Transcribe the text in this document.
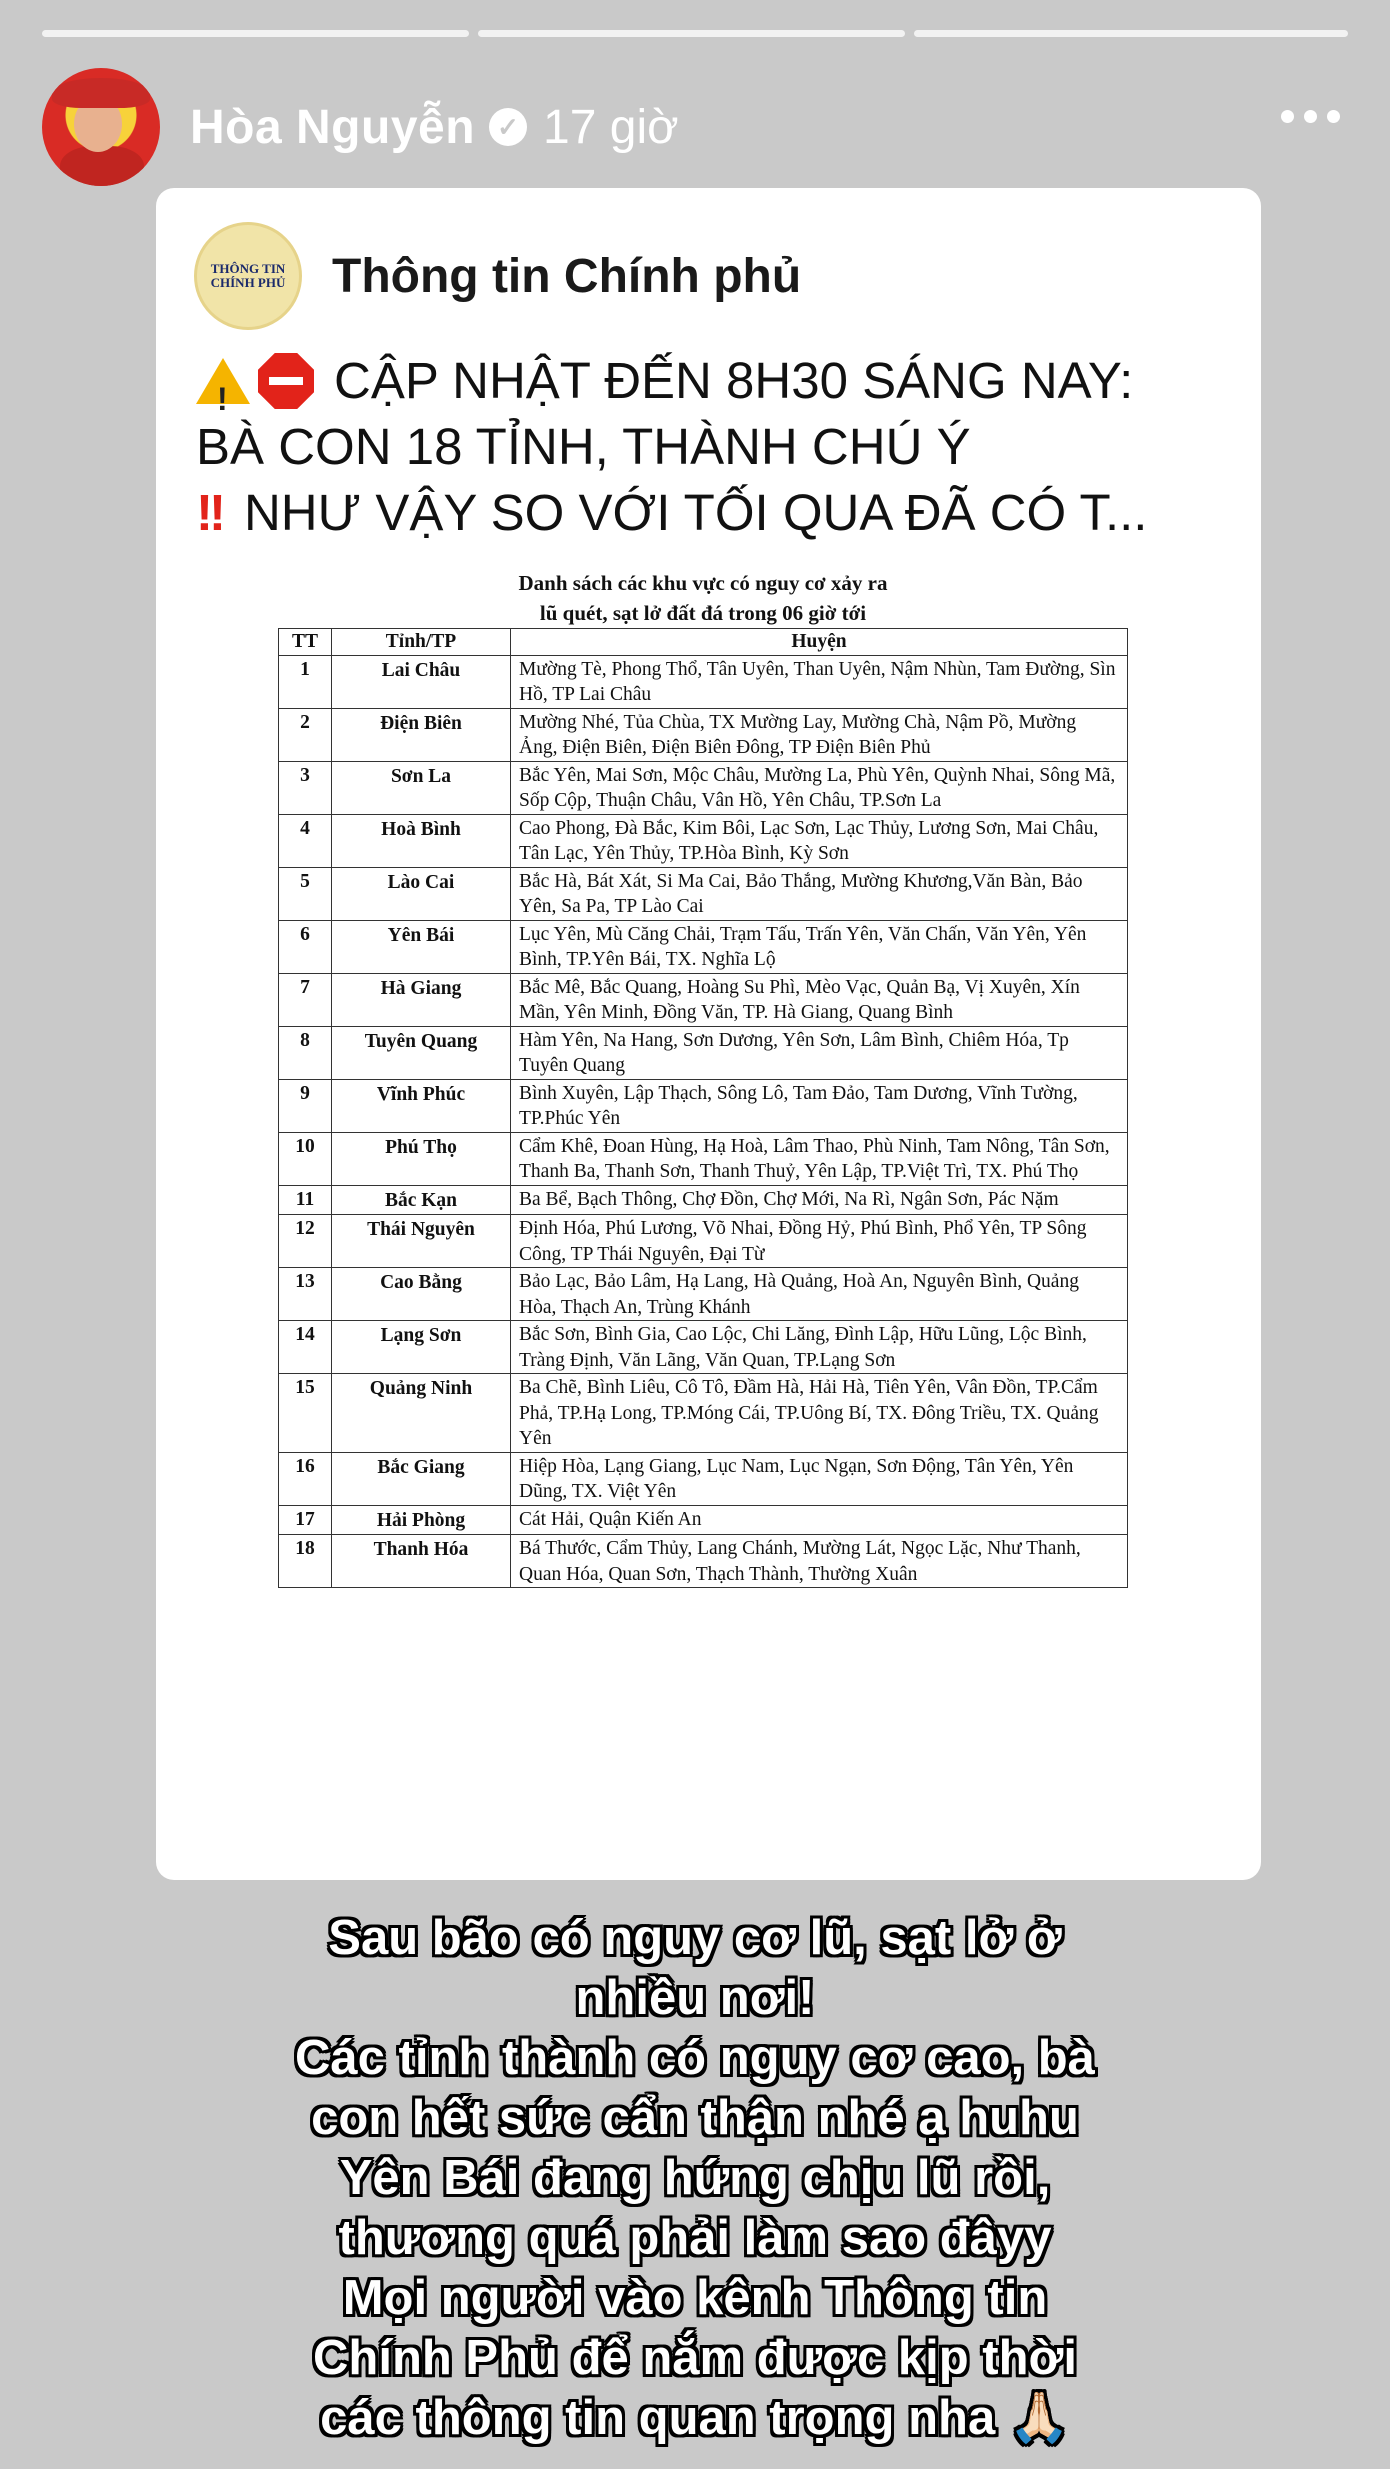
Hòa Nguyễn ✓ 17 giờ
THÔNG TIN
CHÍNH PHỦ Thông tin Chính phủ
!
CẬP NHẬT ĐẾN 8H30 SÁNG NAY:
BÀ CON 18 TỈNH, THÀNH CHÚ Ý
!! NHƯ VẬY SO VỚI TỐI QUA ĐÃ CÓ T...
Danh sách các khu vực có nguy cơ xảy ra
lũ quét, sạt lở đất đá trong 06 giờ tới
TT	Tỉnh/TP	Huyện
1	Lai Châu	Mường Tè, Phong Thổ, Tân Uyên, Than Uyên, Nậm Nhùn, Tam Đường, Sìn Hồ, TP Lai Châu
2	Điện Biên	Mường Nhé, Tủa Chùa, TX Mường Lay, Mường Chà, Nậm Pồ, Mường Ảng, Điện Biên, Điện Biên Đông, TP Điện Biên Phủ
3	Sơn La	Bắc Yên, Mai Sơn, Mộc Châu, Mường La, Phù Yên, Quỳnh Nhai, Sông Mã, Sốp Cộp, Thuận Châu, Vân Hồ, Yên Châu, TP.Sơn La
4	Hoà Bình	Cao Phong, Đà Bắc, Kim Bôi, Lạc Sơn, Lạc Thủy, Lương Sơn, Mai Châu, Tân Lạc, Yên Thủy, TP.Hòa Bình, Kỳ Sơn
5	Lào Cai	Bắc Hà, Bát Xát, Si Ma Cai, Bảo Thắng, Mường Khương,Văn Bàn, Bảo Yên, Sa Pa, TP Lào Cai
6	Yên Bái	Lục Yên, Mù Căng Chải, Trạm Tấu, Trấn Yên, Văn Chấn, Văn Yên, Yên Bình, TP.Yên Bái, TX. Nghĩa Lộ
7	Hà Giang	Bắc Mê, Bắc Quang, Hoàng Su Phì, Mèo Vạc, Quản Bạ, Vị Xuyên, Xín Mần, Yên Minh, Đồng Văn, TP. Hà Giang, Quang Bình
8	Tuyên Quang	Hàm Yên, Na Hang, Sơn Dương, Yên Sơn, Lâm Bình, Chiêm Hóa, Tp Tuyên Quang
9	Vĩnh Phúc	Bình Xuyên, Lập Thạch, Sông Lô, Tam Đảo, Tam Dương, Vĩnh Tường, TP.Phúc Yên
10	Phú Thọ	Cẩm Khê, Đoan Hùng, Hạ Hoà, Lâm Thao, Phù Ninh, Tam Nông, Tân Sơn, Thanh Ba, Thanh Sơn, Thanh Thuỷ, Yên Lập, TP.Việt Trì, TX. Phú Thọ
11	Bắc Kạn	Ba Bể, Bạch Thông, Chợ Đồn, Chợ Mới, Na Rì, Ngân Sơn, Pác Nặm
12	Thái Nguyên	Định Hóa, Phú Lương, Võ Nhai, Đồng Hỷ, Phú Bình, Phổ Yên, TP Sông Công, TP Thái Nguyên, Đại Từ
13	Cao Bằng	Bảo Lạc, Bảo Lâm, Hạ Lang, Hà Quảng, Hoà An, Nguyên Bình, Quảng Hòa, Thạch An, Trùng Khánh
14	Lạng Sơn	Bắc Sơn, Bình Gia, Cao Lộc, Chi Lăng, Đình Lập, Hữu Lũng, Lộc Bình, Tràng Định, Văn Lãng, Văn Quan, TP.Lạng Sơn
15	Quảng Ninh	Ba Chẽ, Bình Liêu, Cô Tô, Đầm Hà, Hải Hà, Tiên Yên, Vân Đồn, TP.Cẩm Phả, TP.Hạ Long, TP.Móng Cái, TP.Uông Bí, TX. Đông Triều, TX. Quảng Yên
16	Bắc Giang	Hiệp Hòa, Lạng Giang, Lục Nam, Lục Ngạn, Sơn Động, Tân Yên, Yên Dũng, TX. Việt Yên
17	Hải Phòng	Cát Hải, Quận Kiến An
18	Thanh Hóa	Bá Thước, Cẩm Thủy, Lang Chánh, Mường Lát, Ngọc Lặc, Như Thanh, Quan Hóa, Quan Sơn, Thạch Thành, Thường Xuân
Sau bão có nguy cơ lũ, sạt lở ở
nhiều nơi!
Các tỉnh thành có nguy cơ cao, bà
con hết sức cẩn thận nhé ạ huhu
Yên Bái đang hứng chịu lũ rồi,
thương quá phải làm sao đâyy
Mọi người vào kênh Thông tin
Chính Phủ để nắm được kịp thời
các thông tin quan trọng nha 🙏🏻
